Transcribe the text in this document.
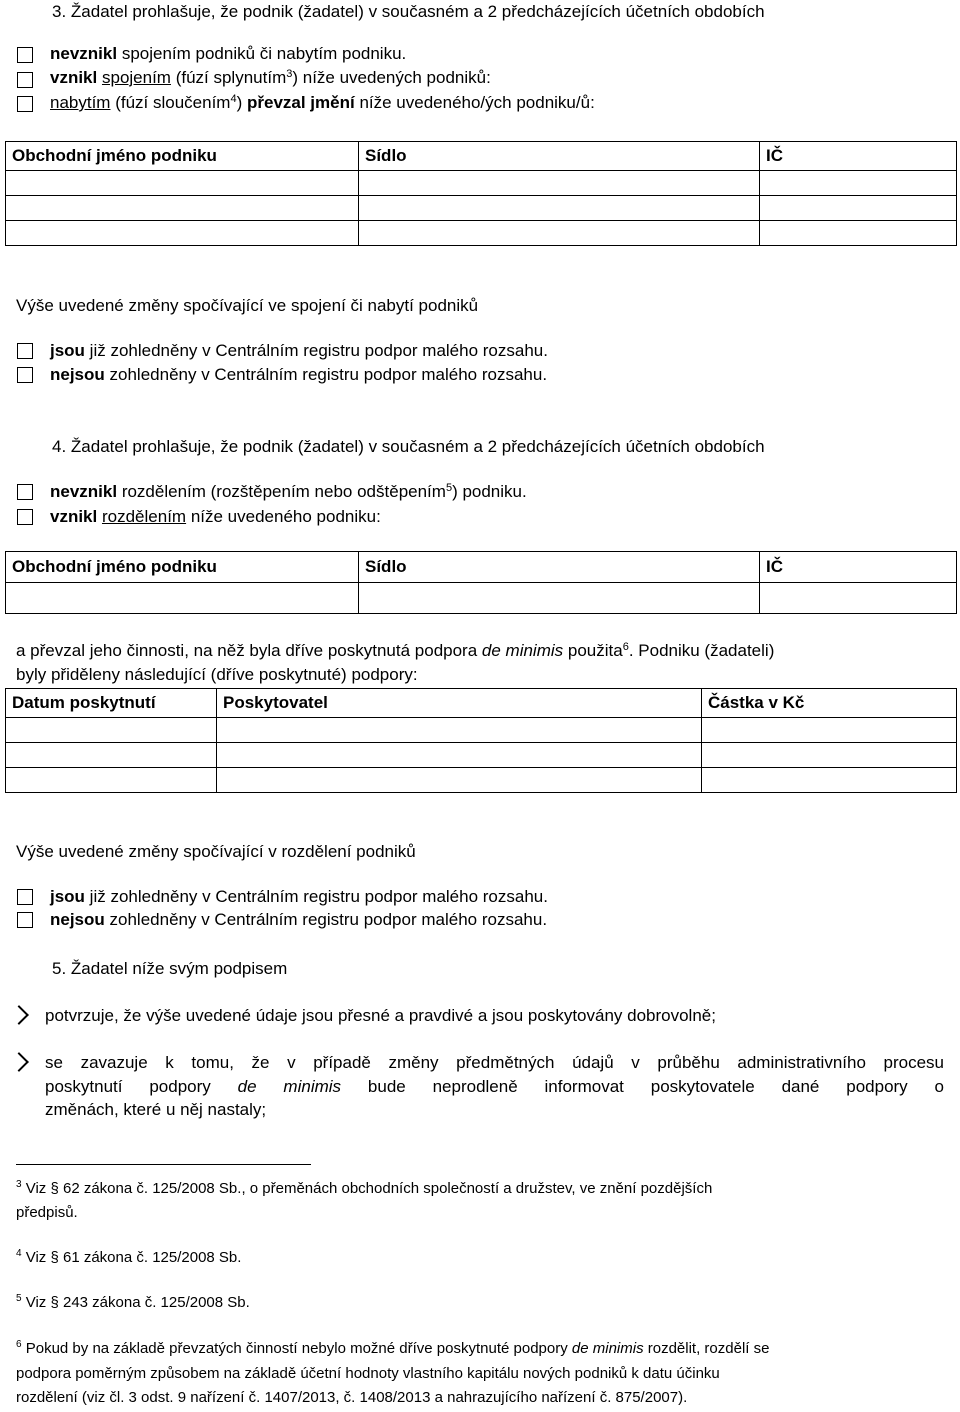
3. Žadatel prohlašuje, že podnik (žadatel) v současném a 2 předcházejících účetních obdobích
nevznikl spojením podniků či nabytím podniku.
vznikl spojením (fúzí splynutím$^3$) níže uvedených podniků:
nabytím (fúzí sloučením$^4$) převzal jmění níže uvedeného/ých podniku/ů:
Obchodní jméno podniku	Sídlo	IČ

Výše uvedené změny spočívající ve spojení či nabytí podniků
jsou již zohledněny v Centrálním registru podpor malého rozsahu.
nejsou zohledněny v Centrálním registru podpor malého rozsahu.
4. Žadatel prohlašuje, že podnik (žadatel) v současném a 2 předcházejících účetních obdobích
nevznikl rozdělením (rozštěpením nebo odštěpením$^5$) podniku.
vznikl rozdělením níže uvedeného podniku:
Obchodní jméno podniku	Sídlo	IČ

a převzal jeho činnosti, na něž byla dříve poskytnutá podpora de minimis použita$^6$. Podniku (žadateli)
byly přiděleny následující (dříve poskytnuté) podpory:
Datum poskytnutí	Poskytovatel	Částka v Kč

Výše uvedené změny spočívající v rozdělení podniků
jsou již zohledněny v Centrálním registru podpor malého rozsahu.
nejsou zohledněny v Centrálním registru podpor malého rozsahu.
5. Žadatel níže svým podpisem
potvrzuje, že výše uvedené údaje jsou přesné a pravdivé a jsou poskytovány dobrovolně;
se zavazuje k tomu, že v případě změny předmětných údajů v průběhu administrativního procesu
poskytnutí podpory de minimis bude neprodleně informovat poskytovatele dané podpory o
změnách, které u něj nastaly;
$^3$ Viz § 62 zákona č. 125/2008 Sb., o přeměnách obchodních společností a družstev, ve znění pozdějších
předpisů.
$^4$ Viz § 61 zákona č. 125/2008 Sb.
$^5$ Viz § 243 zákona č. 125/2008 Sb.
$^6$ Pokud by na základě převzatých činností nebylo možné dříve poskytnuté podpory de minimis rozdělit, rozdělí se
podpora poměrným způsobem na základě účetní hodnoty vlastního kapitálu nových podniků k datu účinku
rozdělení (viz čl. 3 odst. 9 nařízení č. 1407/2013, č. 1408/2013 a nahrazujícího nařízení č. 875/2007).
